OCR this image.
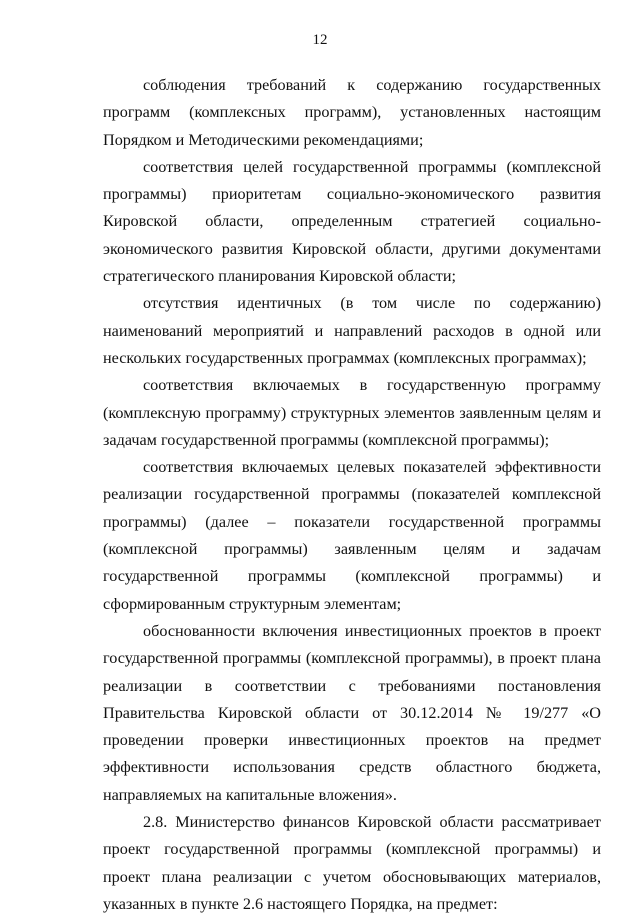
12

соблюдения требований к содержанию государственных программ (комплексных программ), установленных настоящим Порядком и Методическими рекомендациями;

соответствия целей государственной программы (комплексной программы) приоритетам социально-экономического развития Кировской области, определенным стратегией социально-экономического развития Кировской области, другими документами стратегического планирования Кировской области;

отсутствия идентичных (в том числе по содержанию) наименований мероприятий и направлений расходов в одной или нескольких государственных программах (комплексных программах);

соответствия включаемых в государственную программу (комплексную программу) структурных элементов заявленным целям и задачам государственной программы (комплексной программы);

соответствия включаемых целевых показателей эффективности реализации государственной программы (показателей комплексной программы) (далее – показатели государственной программы (комплексной программы) заявленным целям и задачам государственной программы (комплексной программы) и сформированным структурным элементам;

обоснованности включения инвестиционных проектов в проект государственной программы (комплексной программы), в проект плана реализации в соответствии с требованиями постановления Правительства Кировской области от 30.12.2014 № 19/277 «О проведении проверки инвестиционных проектов на предмет эффективности использования средств областного бюджета, направляемых на капитальные вложения».

2.8. Министерство финансов Кировской области рассматривает проект государственной программы (комплексной программы) и проект плана реализации с учетом обосновывающих материалов, указанных в пункте 2.6 настоящего Порядка, на предмет:
